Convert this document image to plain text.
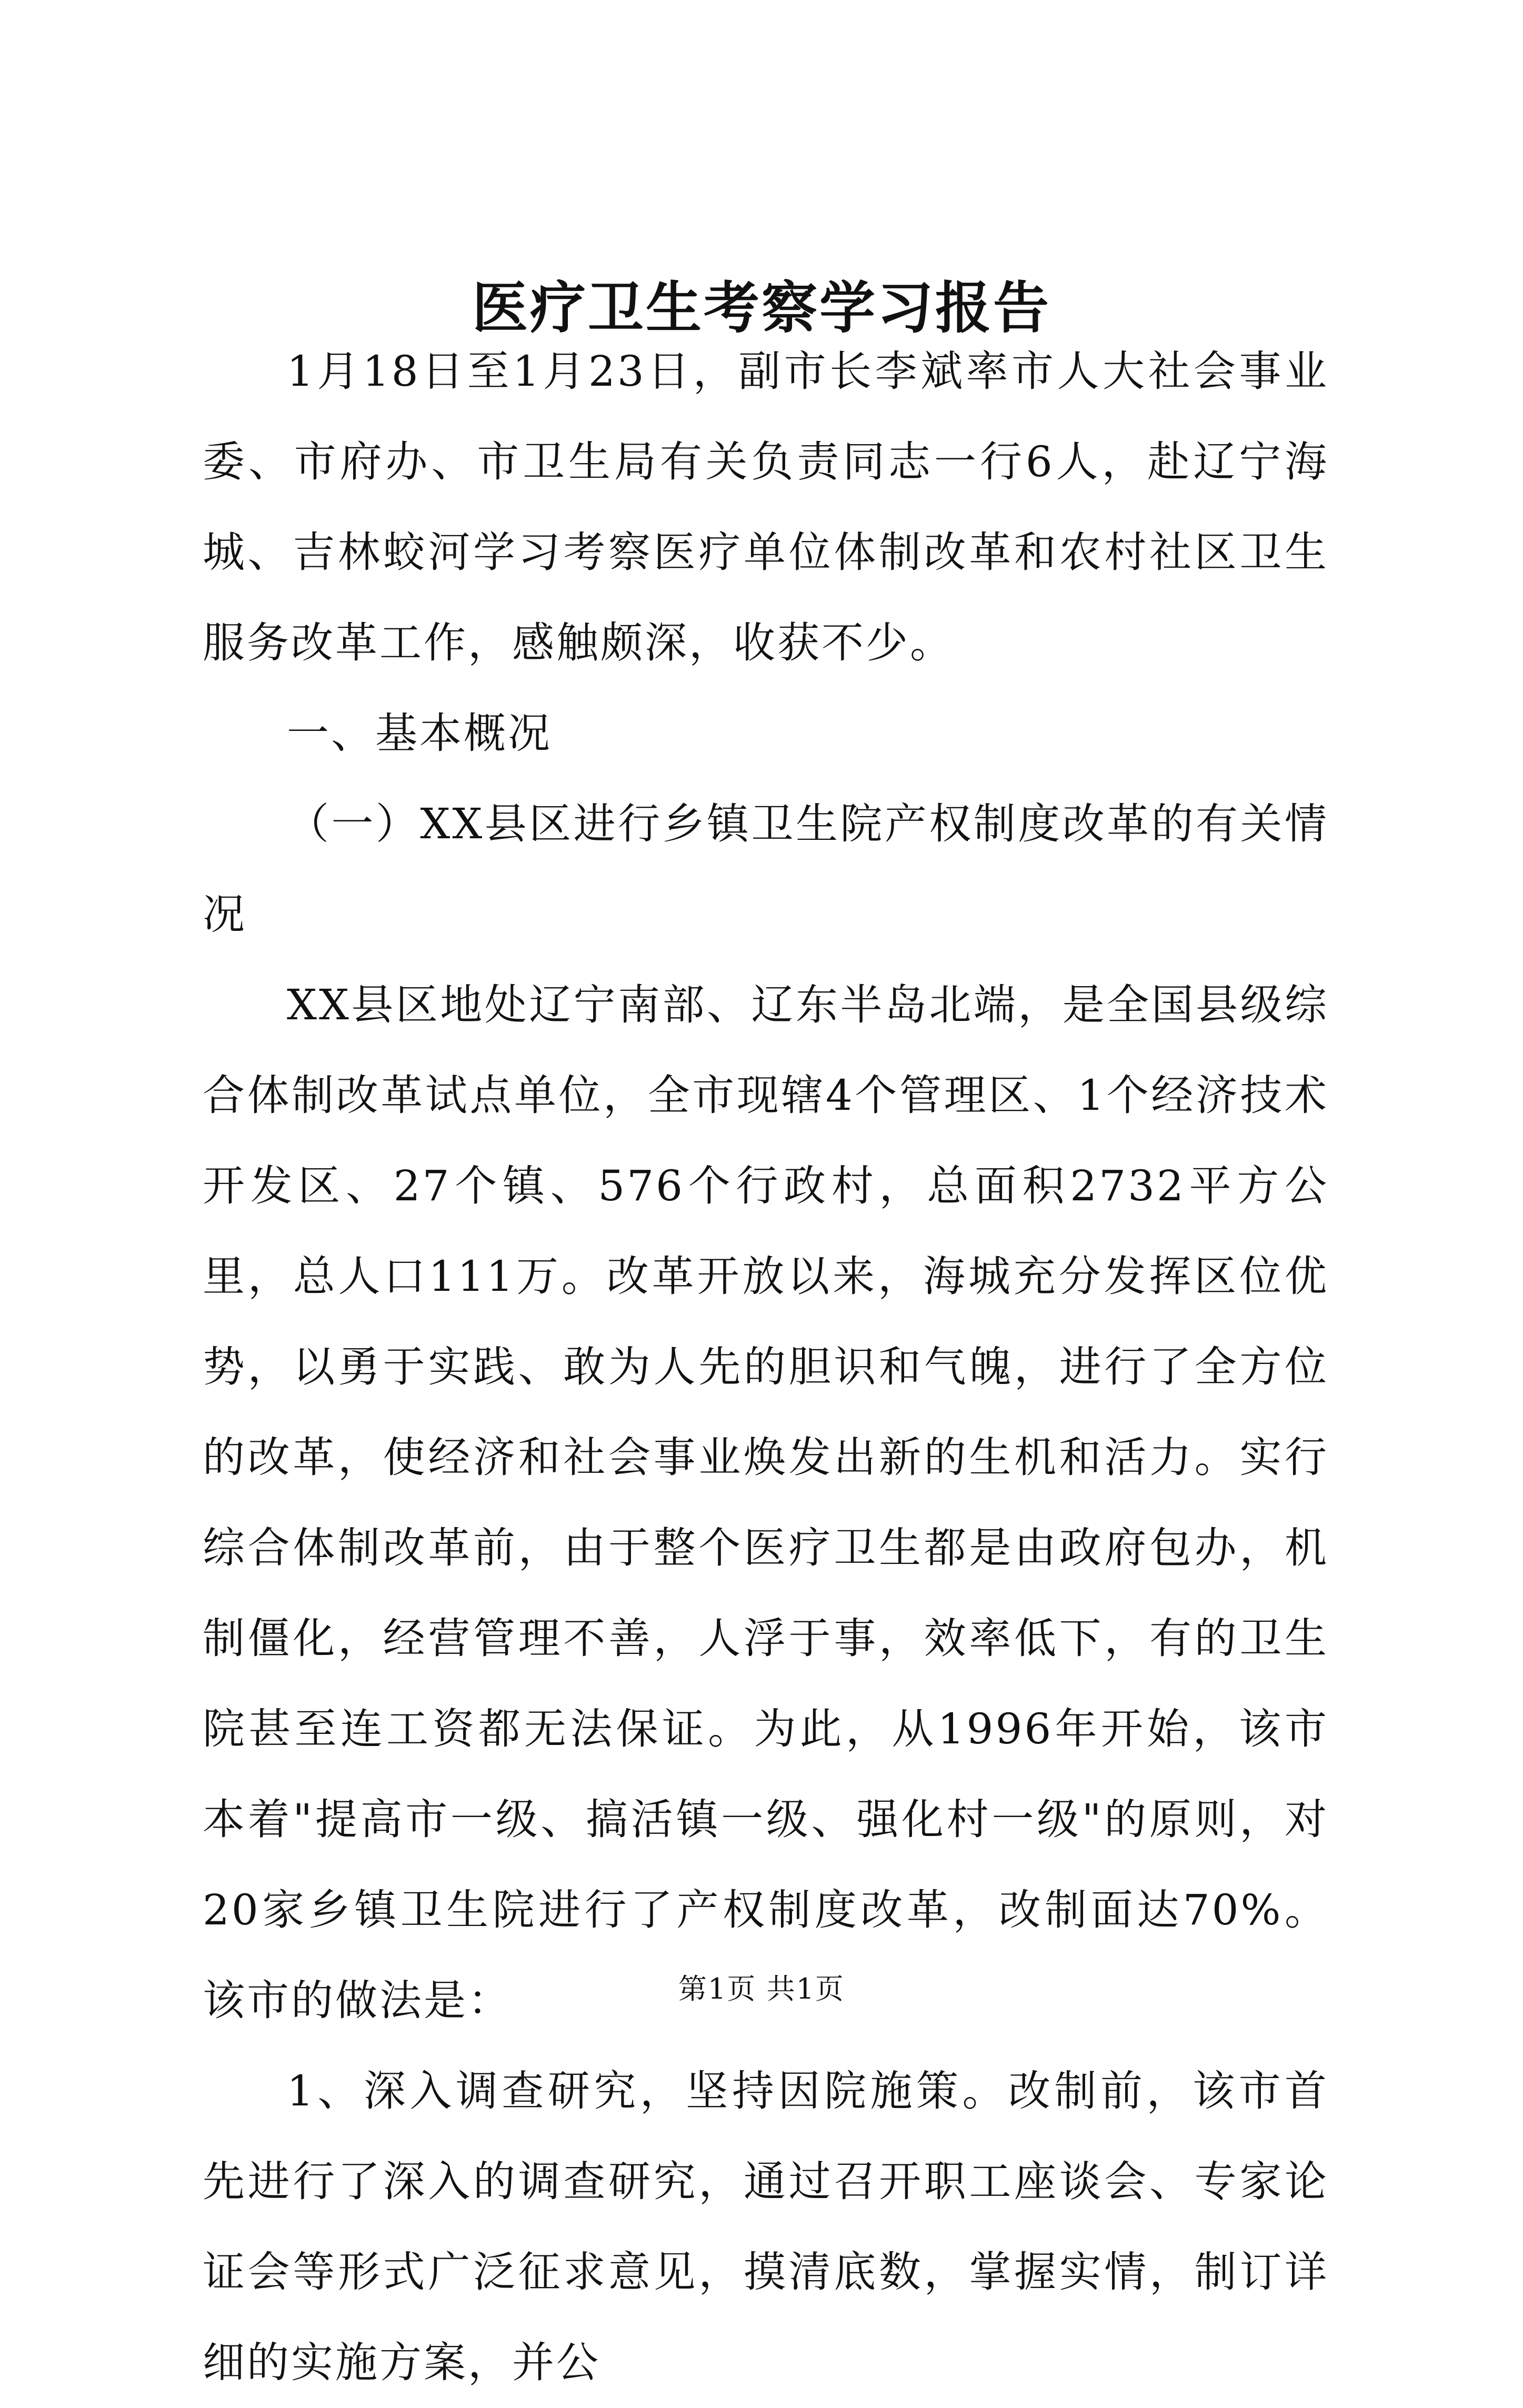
医疗卫生考察学习报告

1月18日至1月23日，副市长李斌率市人大社会事业委、市府办、市卫生局有关负责同志一行6人，赴辽宁海城、吉林蛟河学习考察医疗单位体制改革和农村社区卫生服务改革工作，感触颇深，收获不少。

一、基本概况

（一）XX县区进行乡镇卫生院产权制度改革的有关情况

XX县区地处辽宁南部、辽东半岛北端，是全国县级综合体制改革试点单位，全市现辖4个管理区、1个经济技术开发区、27个镇、576个行政村，总面积2732平方公里，总人口111万。改革开放以来，海城充分发挥区位优势，以勇于实践、敢为人先的胆识和气魄，进行了全方位的改革，使经济和社会事业焕发出新的生机和活力。实行综合体制改革前，由于整个医疗卫生都是由政府包办，机制僵化，经营管理不善，人浮于事，效率低下，有的卫生院甚至连工资都无法保证。为此，从1996年开始，该市本着"提高市一级、搞活镇一级、强化村一级"的原则，对20家乡镇卫生院进行了产权制度改革，改制面达70%。该市的做法是：

1、深入调查研究，坚持因院施策。改制前，该市首先进行了深入的调查研究，通过召开职工座谈会、专家论证会等形式广泛征求意见，摸清底数，掌握实情，制订详细的实施方案，并公

第1页 共1页
